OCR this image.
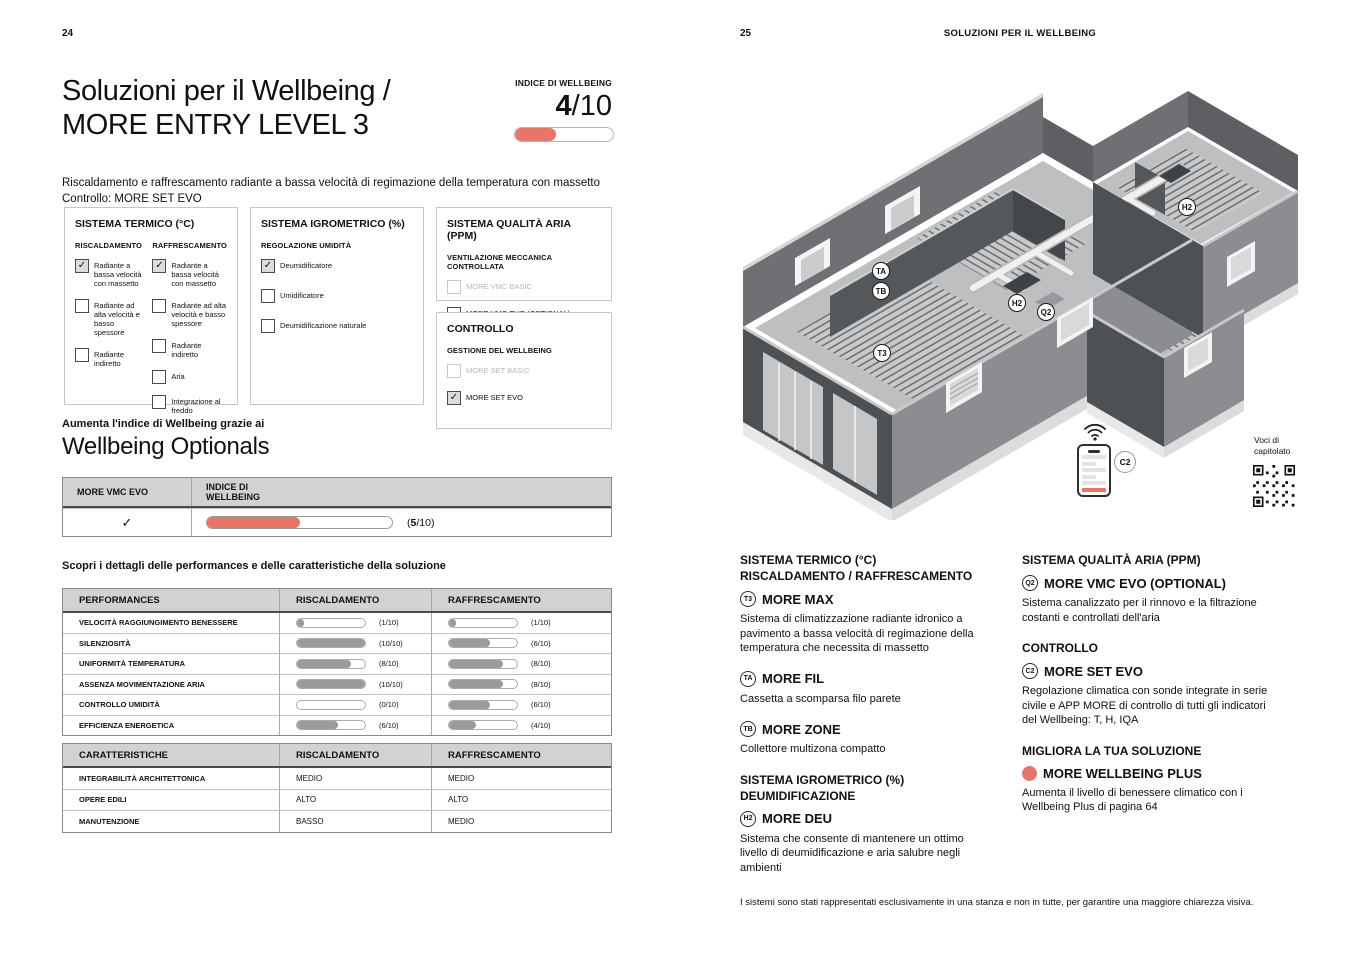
24
Soluzioni per il Wellbeing /
MORE ENTRY LEVEL 3
INDICE DI WELLBEING
4/10

Riscaldamento e raffrescamento radiante a bassa velocità di regimazione della temperatura con massetto
Controllo: MORE SET EVO

SISTEMA TERMICO (°C)
RISCALDAMENTO
✓	Radiante a bassa velocità con massetto
Radiante ad alta velocità e basso spessore
Radiante indiretto
RAFFRESCAMENTO
✓	Radiante a bassa velocità con massetto
Radiante ad alta velocità e basso spessore
Radiante indiretto
Aria
Integrazione al freddo
SISTEMA IGROMETRICO (%)
REGOLAZIONE UMIDITÀ
✓	Deumidificatore
Umidificatore
Deumidificazione naturale
SISTEMA QUALITÀ ARIA (PPM)
VENTILAZIONE MECCANICA CONTROLLATA
MORE VMC BASIC
CONTROLLO
GESTIONE DEL WELLBEING
MORE SET BASIC
✓	MORE SET EVO
Aumenta l'indice di Wellbeing grazie ai
Wellbeing Optionals
MORE VMC EVO	INDICE DI WELLBEING
✓	(5/10)
Scopri i dettagli delle performances e delle caratteristiche della soluzione
PERFORMANCES	RISCALDAMENTO	RAFFRESCAMENTO
VELOCITÀ RAGGIUNGIMENTO BENESSERE	(1/10)	(1/10)
SILENZIOSITÀ	(10/10)	(6/10)
UNIFORMITÀ TEMPERATURA	(8/10)	(8/10)
ASSENZA MOVIMENTAZIONE ARIA	(10/10)	(8/10)
CONTROLLO UMIDITÀ	(0/10)	(6/10)
EFFICIENZA ENERGETICA	(6/10)	(4/10)
CARATTERISTICHE	RISCALDAMENTO	RAFFRESCAMENTO
INTEGRABILITÀ ARCHITETTONICA	MEDIO	MEDIO
OPERE EDILI	ALTO	ALTO
MANUTENZIONE	BASSO	MEDIO
25	SOLUZIONI PER IL WELLBEING
TA
TB
T3
H2
Q2
H2
C2
Voci di
capitolato
SISTEMA TERMICO (°C)
RISCALDAMENTO / RAFFRESCAMENTO
T3 MORE MAX

Sistema di climatizzazione radiante idronico a pavimento a bassa velocità di regimazione della temperatura che necessita di massetto

TA MORE FIL

Cassetta a scomparsa filo parete

TB MORE ZONE

Collettore multizona compatto

SISTEMA IGROMETRICO (%)
DEUMIDIFICAZIONE
H2 MORE DEU

Sistema che consente di mantenere un ottimo livello di deumidificazione e aria salubre negli ambienti

SISTEMA QUALITÀ ARIA (PPM)
Q2 MORE VMC EVO (OPTIONAL)

Sistema canalizzato per il rinnovo e la filtrazione costanti e controllati dell'aria

CONTROLLO
C2 MORE SET EVO

Regolazione climatica con sonde integrate in serie civile e APP MORE di controllo di tutti gli indicatori del Wellbeing: T, H, IQA

MIGLIORA LA TUA SOLUZIONE
MORE WELLBEING PLUS

Aumenta il livello di benessere climatico con i Wellbeing Plus di pagina 64

I sistemi sono stati rappresentati esclusivamente in una stanza e non in tutte, per garantire una maggiore chiarezza visiva.
